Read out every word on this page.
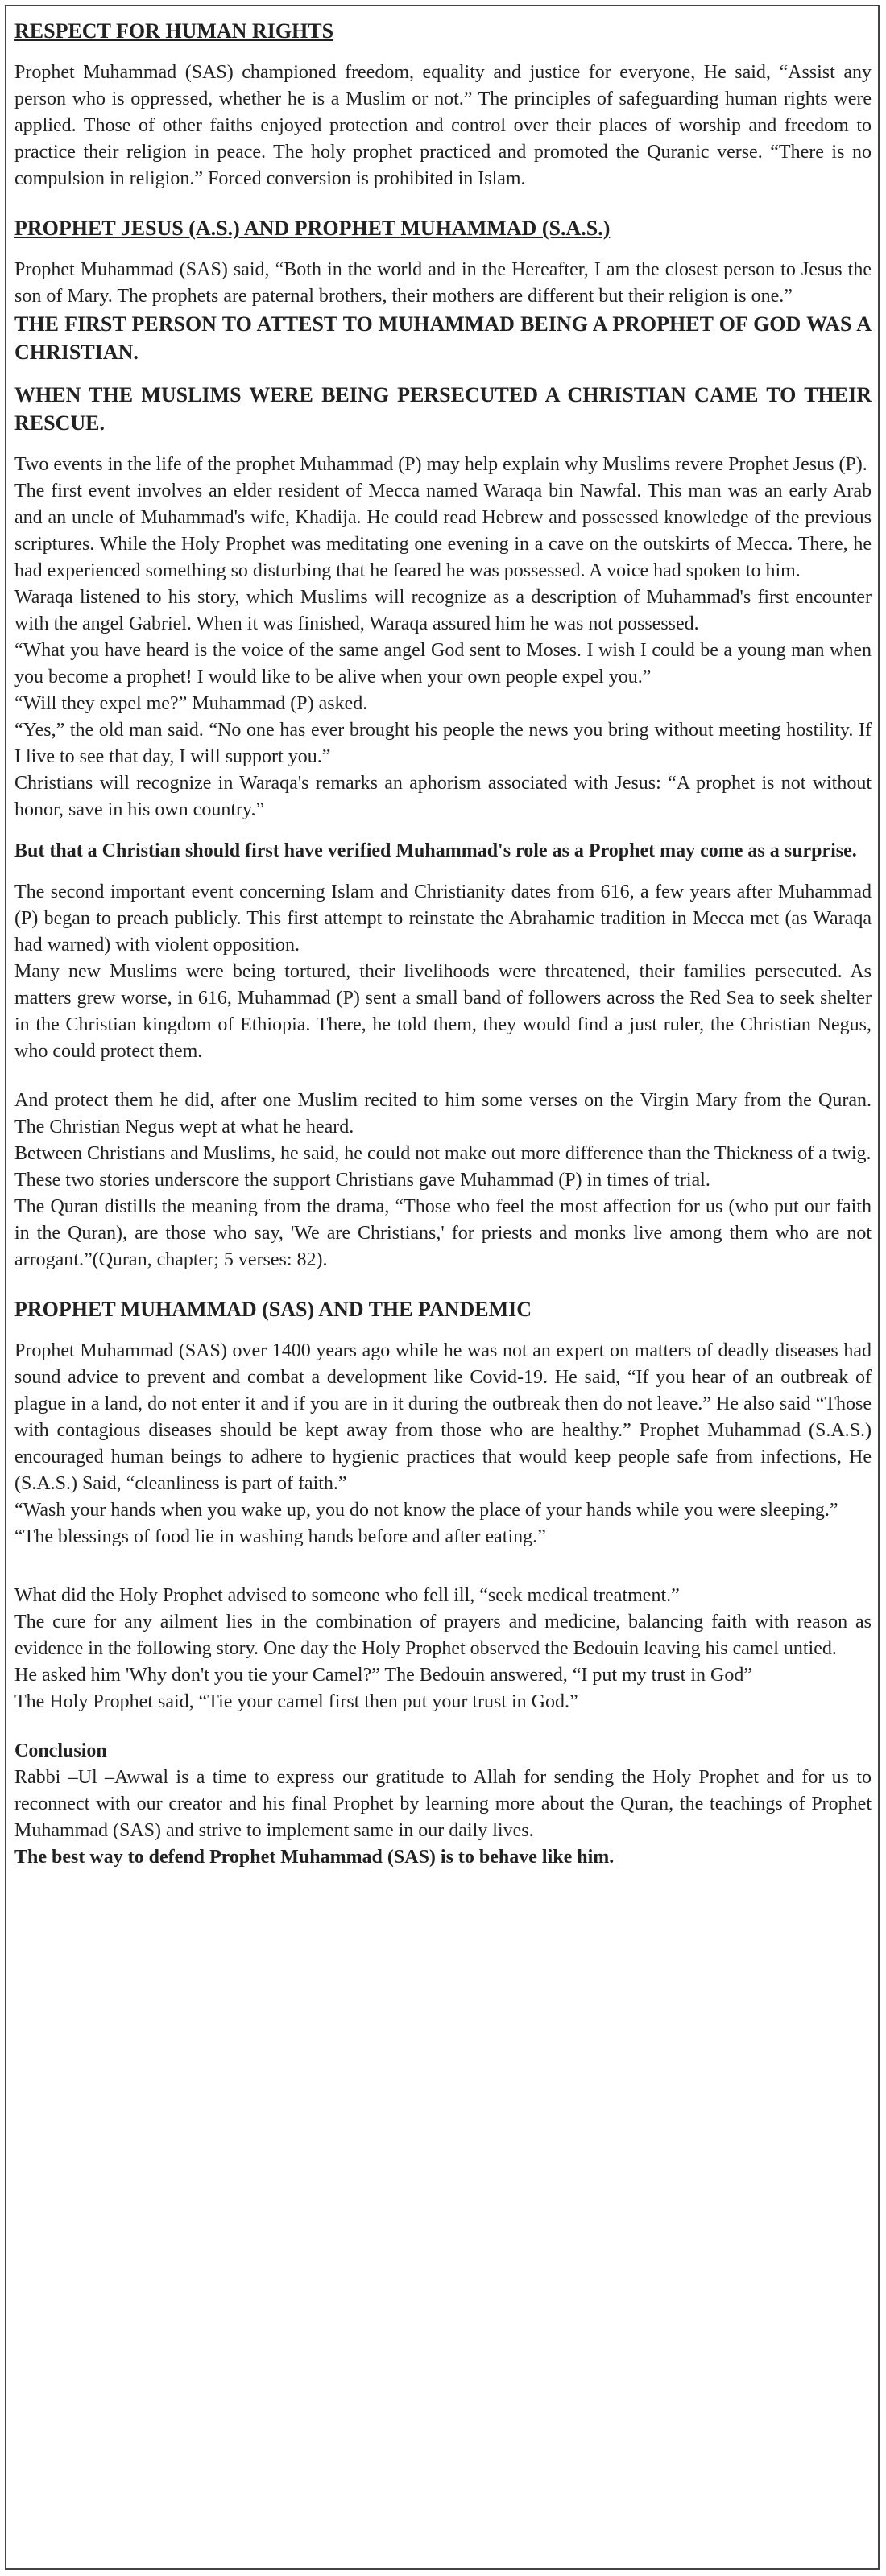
RESPECT FOR HUMAN RIGHTS

Prophet Muhammad (SAS) championed freedom, equality and justice for everyone, He said, “Assist any person who is oppressed, whether he is a Muslim or not.” The principles of safeguarding human rights were applied. Those of other faiths enjoyed protection and control over their places of worship and freedom to practice their religion in peace. The holy prophet practiced and promoted the Quranic verse. “There is no compulsion in religion.” Forced conversion is prohibited in Islam.

PROPHET JESUS (A.S.) AND PROPHET MUHAMMAD (S.A.S.)

Prophet Muhammad (SAS) said, “Both in the world and in the Hereafter, I am the closest person to Jesus the son of Mary. The prophets are paternal brothers, their mothers are different but their religion is one.”

THE FIRST PERSON TO ATTEST TO MUHAMMAD BEING A PROPHET OF GOD WAS A CHRISTIAN.

WHEN THE MUSLIMS WERE BEING PERSECUTED A CHRISTIAN CAME TO THEIR RESCUE.

Two events in the life of the prophet Muhammad (P) may help explain why Muslims revere Prophet Jesus (P).

The first event involves an elder resident of Mecca named Waraqa bin Nawfal. This man was an early Arab and an uncle of Muhammad's wife, Khadija. He could read Hebrew and possessed knowledge of the previous scriptures. While the Holy Prophet was meditating one evening in a cave on the outskirts of Mecca. There, he had experienced something so disturbing that he feared he was possessed. A voice had spoken to him.

Waraqa listened to his story, which Muslims will recognize as a description of Muhammad's first encounter with the angel Gabriel. When it was finished, Waraqa assured him he was not possessed.

“What you have heard is the voice of the same angel God sent to Moses. I wish I could be a young man when you become a prophet! I would like to be alive when your own people expel you.”

“Will they expel me?” Muhammad (P) asked.

“Yes,” the old man said. “No one has ever brought his people the news you bring without meeting hostility. If I live to see that day, I will support you.”

Christians will recognize in Waraqa's remarks an aphorism associated with Jesus: “A prophet is not without honor, save in his own country.”

But that a Christian should first have verified Muhammad's role as a Prophet may come as a surprise.

The second important event concerning Islam and Christianity dates from 616, a few years after Muhammad (P) began to preach publicly. This first attempt to reinstate the Abrahamic tradition in Mecca met (as Waraqa had warned) with violent opposition.

Many new Muslims were being tortured, their livelihoods were threatened, their families persecuted. As matters grew worse, in 616, Muhammad (P) sent a small band of followers across the Red Sea to seek shelter in the Christian kingdom of Ethiopia. There, he told them, they would find a just ruler, the Christian Negus, who could protect them.

And protect them he did, after one Muslim recited to him some verses on the Virgin Mary from the Quran. The Christian Negus wept at what he heard.

Between Christians and Muslims, he said, he could not make out more difference than the Thickness of a twig.

These two stories underscore the support Christians gave Muhammad (P) in times of trial.

The Quran distills the meaning from the drama, “Those who feel the most affection for us (who put our faith in the Quran), are those who say, 'We are Christians,' for priests and monks live among them who are not arrogant.”(Quran, chapter; 5 verses: 82).

PROPHET MUHAMMAD (SAS) AND THE PANDEMIC

Prophet Muhammad (SAS) over 1400 years ago while he was not an expert on matters of deadly diseases had sound advice to prevent and combat a development like Covid-19. He said, “If you hear of an outbreak of plague in a land, do not enter it and if you are in it during the outbreak then do not leave.” He also said “Those with contagious diseases should be kept away from those who are healthy.” Prophet Muhammad (S.A.S.) encouraged human beings to adhere to hygienic practices that would keep people safe from infections, He (S.A.S.) Said, “cleanliness is part of faith.”

“Wash your hands when you wake up, you do not know the place of your hands while you were sleeping.”

“The blessings of food lie in washing hands before and after eating.”

What did the Holy Prophet advised to someone who fell ill, “seek medical treatment.”

The cure for any ailment lies in the combination of prayers and medicine, balancing faith with reason as evidence in the following story. One day the Holy Prophet observed the Bedouin leaving his camel untied.

He asked him 'Why don't you tie your Camel?” The Bedouin answered, “I put my trust in God”

The Holy Prophet said, “Tie your camel first then put your trust in God.”

Conclusion

Rabbi –Ul –Awwal is a time to express our gratitude to Allah for sending the Holy Prophet and for us to reconnect with our creator and his final Prophet by learning more about the Quran, the teachings of Prophet Muhammad (SAS) and strive to implement same in our daily lives.

The best way to defend Prophet Muhammad (SAS) is to behave like him.
